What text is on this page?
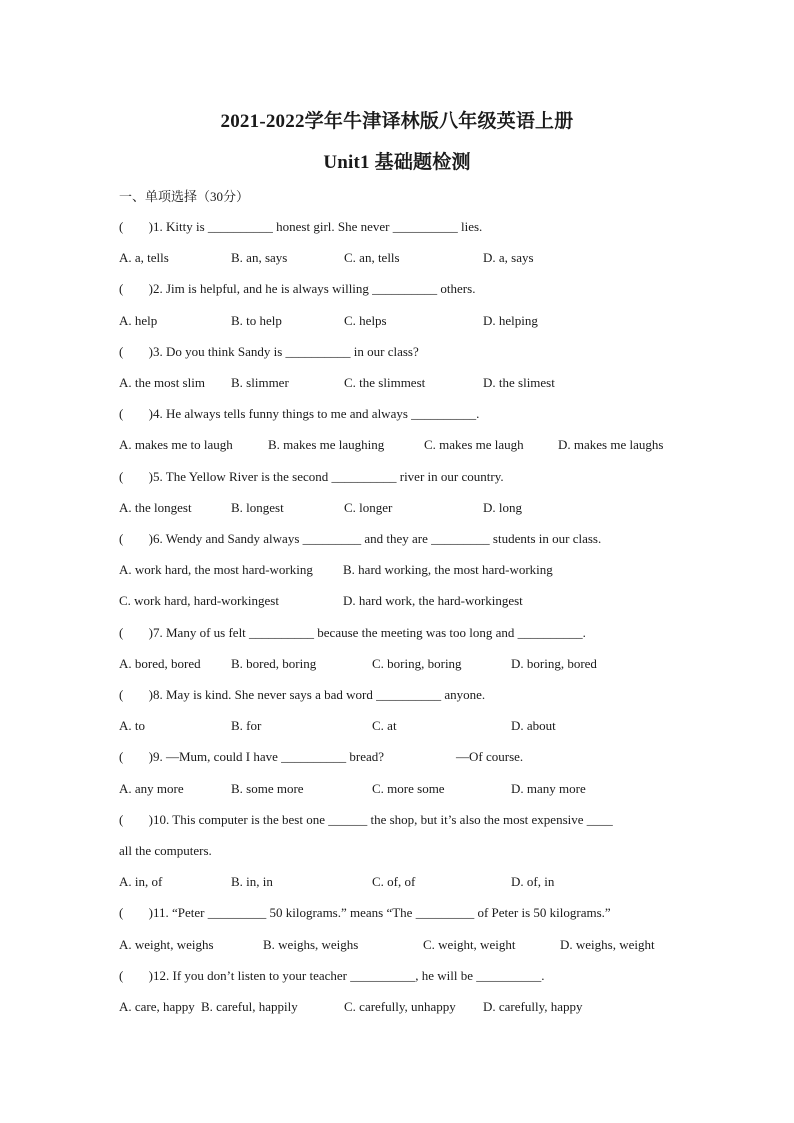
2021-2022学年牛津译林版八年级英语上册
Unit1 基础题检测
一、单项选择（30分）
( )1. Kitty is __________ honest girl. She never __________ lies.
A. a, tells	B. an, says	C. an, tells	D. a, says
( )2. Jim is helpful, and he is always willing __________ others.
A. help	B. to help	C. helps	D. helping
( )3. Do you think Sandy is __________ in our class?
A. the most slim B. slimmer	C. the slimmest	D. the slimest
( )4. He always tells funny things to me and always __________.
A. makes me to laugh	B. makes me laughing	C. makes me laugh	D. makes me laughs
( )5. The Yellow River is the second __________ river in our country.
A. the longest	B. longest	C. longer	D. long
( )6. Wendy and Sandy always _________ and they are _________ students in our class.
A. work hard, the most hard-working B. hard working, the most hard-working
C. work hard, hard-workingest	D. hard work, the hard-workingest
( )7. Many of us felt __________ because the meeting was too long and __________.
A. bored, bored B. bored, boring	C. boring, boring	D. boring, bored
( )8. May is kind. She never says a bad word __________ anyone.
A. to	B. for	C. at	D. about
( )9. —Mum, could I have __________ bread?	—Of course.
A. any more	B. some more	C. more some	D. many more
( )10. This computer is the best one ______ the shop, but it’s also the most expensive ____
all the computers.
A. in, of	B. in, in	C. of, of	D. of, in
( )11. “Peter _________ 50 kilograms.” means “The _________ of Peter is 50 kilograms.”
A. weight, weighs	B. weighs, weighs	C. weight, weight	D. weighs, weight
( )12. If you don’t listen to your teacher __________, he will be __________.
A. care, happy B. careful, happily	C. carefully, unhappy D. carefully, happy
